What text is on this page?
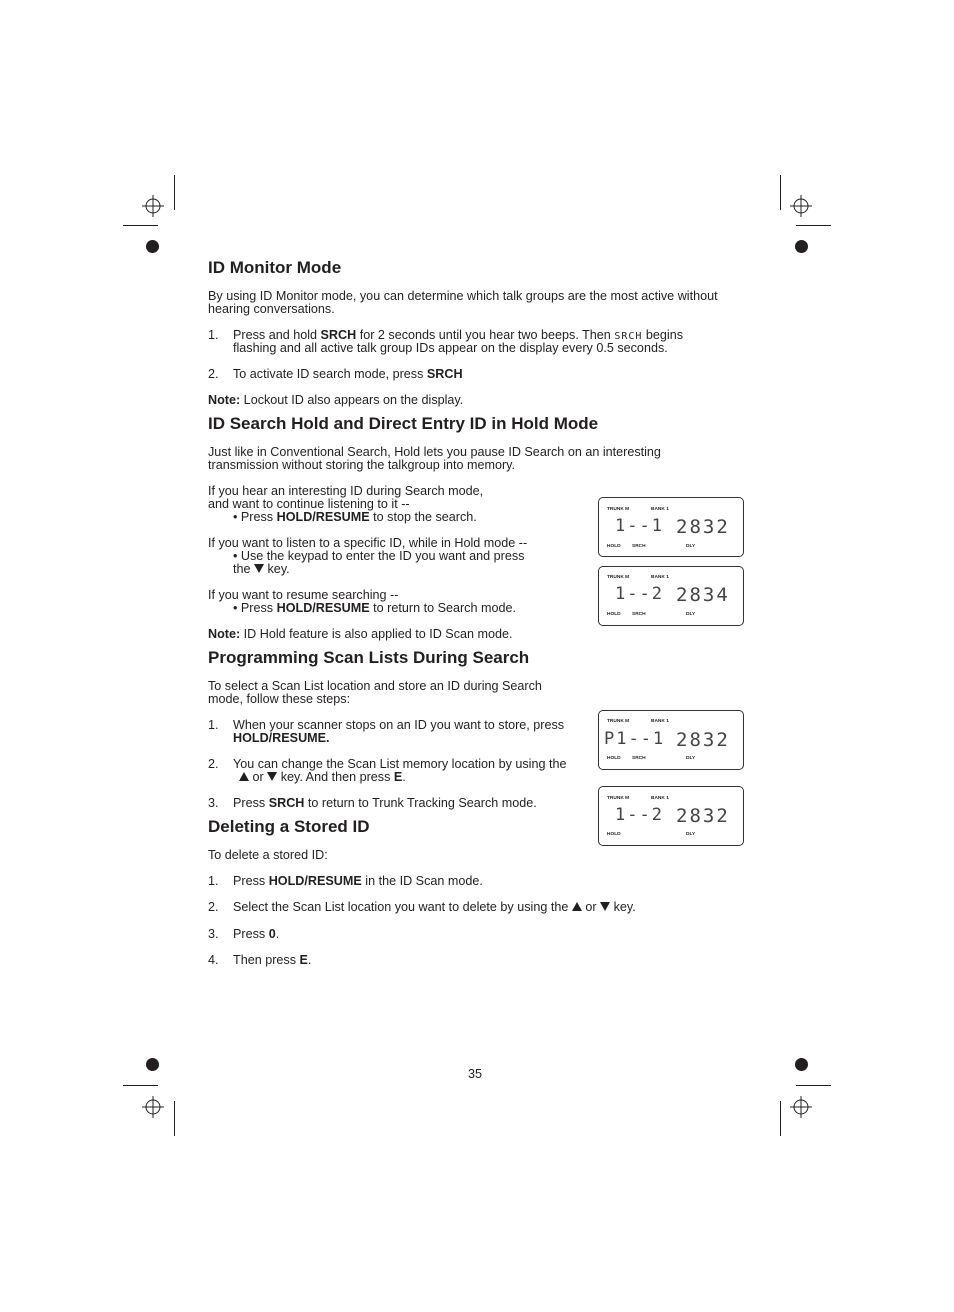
ID Monitor Mode

By using ID Monitor mode, you can determine which talk groups are the most active without

hearing conversations.

1. Press and hold SRCH for 2 seconds until you hear two beeps. Then SRCH begins

flashing and all active talk group IDs appear on the display every 0.5 seconds.

2. To activate ID search mode, press SRCH

Note: Lockout ID also appears on the display.

ID Search Hold and Direct Entry ID in Hold Mode

Just like in Conventional Search, Hold lets you pause ID Search on an interesting

transmission without storing the talkgroup into memory.

If you hear an interesting ID during Search mode,

and want to continue listening to it --

• Press HOLD/RESUME to stop the search.

If you want to listen to a specific ID, while in Hold mode --

• Use the keypad to enter the ID you want and press

the  key.

If you want to resume searching --

• Press HOLD/RESUME to return to Search mode.

Note: ID Hold feature is also applied to ID Scan mode.

Programming Scan Lists During Search

To select a Scan List location and store an ID during Search

mode, follow these steps:

1. When your scanner stops on an ID you want to store, press

HOLD/RESUME.

2. You can change the Scan List memory location by using the

or  key. And then press E.

3. Press SRCH to return to Trunk Tracking Search mode.

Deleting a Stored ID

To delete a stored ID:

1. Press HOLD/RESUME in the ID Scan mode.

2. Select the Scan List location you want to delete by using the  or  key.

3. Press 0.

4. Then press E.

TRUNK M	BANK 1
1--1 2832
HOLD SRCH	DLY
TRUNK M	BANK 1
1--2 2834
HOLD SRCH	DLY
TRUNK M	BANK 1
P1--1 2832
HOLD SRCH	DLY
TRUNK M	BANK 1
1--2 2832
HOLD	DLY
35
